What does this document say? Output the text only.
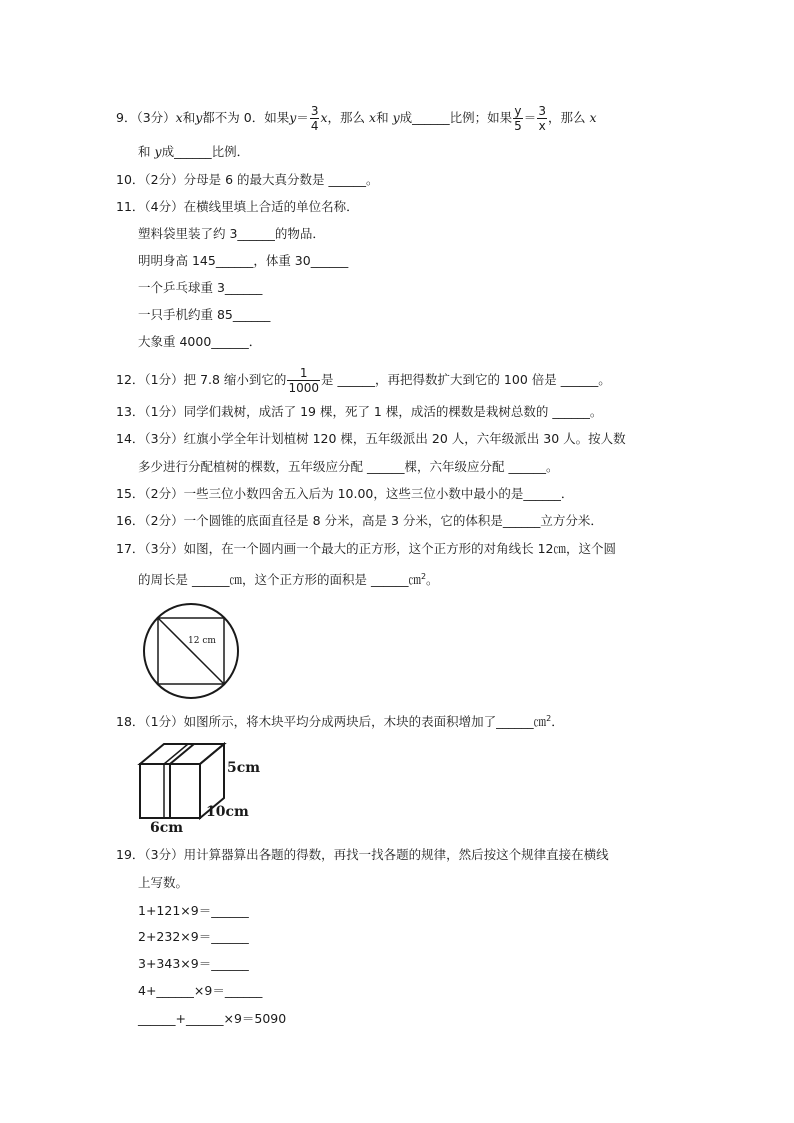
9．（3分）x和y都不为 0．如果$y= \frac{3}{4}$ x，那么 x和 y成______比例；如果 $\frac{y}{5} = \frac{3}{x}$ ，那么 x
和 y成______比例．
10．（2分）分母是 6 的最大真分数是 ______。
11．（4分）在横线里填上合适的单位名称．
塑料袋里装了约 3______的物品．
明明身高 145______，体重 30______
一个乒乓球重 3______
一只手机约重 85______
大象重 4000______．
12．（1分）把 7.8 缩小到它的 $\frac{1}{1000}$ 是 ______，再把得数扩大到它的 100 倍是 ______。
13．（1分）同学们栽树，成活了 19 棵，死了 1 棵，成活的棵数是栽树总数的 ______。
14．（3分）红旗小学全年计划植树 120 棵，五年级派出 20 人，六年级派出 30 人。按人数
多少进行分配植树的棵数，五年级应分配 ______棵，六年级应分配 ______。
15．（2分）一些三位小数四舍五入后为 10.00，这些三位小数中最小的是______．
16．（2分）一个圆锥的底面直径是 8 分米，高是 3 分米，它的体积是______立方分米．
17．（3分）如图，在一个圆内画一个最大的正方形，这个正方形的对角线长 12㎝，这个圆
的周长是 ______㎝，这个正方形的面积是 ______㎝$^2$。
12 cm
18．（1分）如图所示，将木块平均分成两块后，木块的表面积增加了______㎝$^2$．
5cm
10cm
6cm
19．（3分）用计算器算出各题的得数，再找一找各题的规律，然后按这个规律直接在横线
上写数。
1+121×9＝______
2+232×9＝______
3+343×9＝______
4+______×9＝______
______+______×9＝5090
